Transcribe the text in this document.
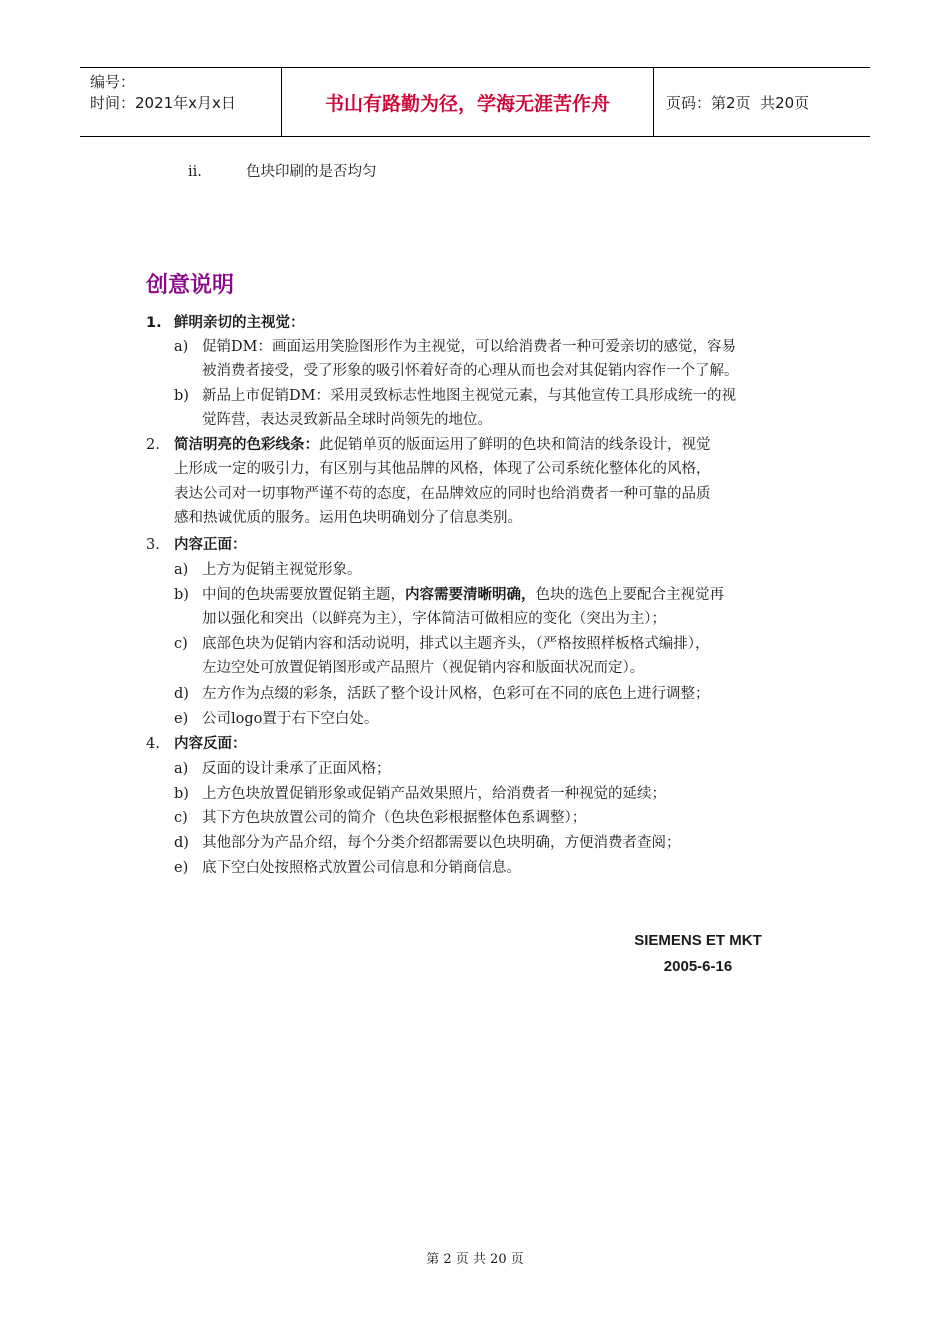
编号：
时间：2021年x月x日	书山有路勤为径，学海无涯苦作舟	页码：第2页  共20页
ii.	色块印刷的是否均匀
创意说明
1. 鲜明亲切的主视觉：
a) 促销DM：画面运用笑脸图形作为主视觉，可以给消费者一种可爱亲切的感觉，容易
被消费者接受，受了形象的吸引怀着好奇的心理从而也会对其促销内容作一个了解。
b) 新品上市促销DM：采用灵致标志性地图主视觉元素，与其他宣传工具形成统一的视
觉阵营，表达灵致新品全球时尚领先的地位。
2. 简洁明亮的色彩线条：此促销单页的版面运用了鲜明的色块和简洁的线条设计，视觉
上形成一定的吸引力，有区别与其他品牌的风格，体现了公司系统化整体化的风格，
表达公司对一切事物严谨不苟的态度，在品牌效应的同时也给消费者一种可靠的品质
感和热诚优质的服务。运用色块明确划分了信息类别。
3. 内容正面：
a) 上方为促销主视觉形象。
b) 中间的色块需要放置促销主题，内容需要清晰明确，色块的选色上要配合主视觉再
加以强化和突出（以鲜亮为主），字体简洁可做相应的变化（突出为主）；
c) 底部色块为促销内容和活动说明，排式以主题齐头，（严格按照样板格式编排），
左边空处可放置促销图形或产品照片（视促销内容和版面状况而定）。
d) 左方作为点缀的彩条，活跃了整个设计风格，色彩可在不同的底色上进行调整；
e) 公司logo置于右下空白处。
4. 内容反面：
a) 反面的设计秉承了正面风格；
b) 上方色块放置促销形象或促销产品效果照片，给消费者一种视觉的延续；
c) 其下方色块放置公司的简介（色块色彩根据整体色系调整）；
d) 其他部分为产品介绍，每个分类介绍都需要以色块明确，方便消费者查阅；
e) 底下空白处按照格式放置公司信息和分销商信息。
SIEMENS ET MKT
2005-6-16
第 2 页 共 20 页
